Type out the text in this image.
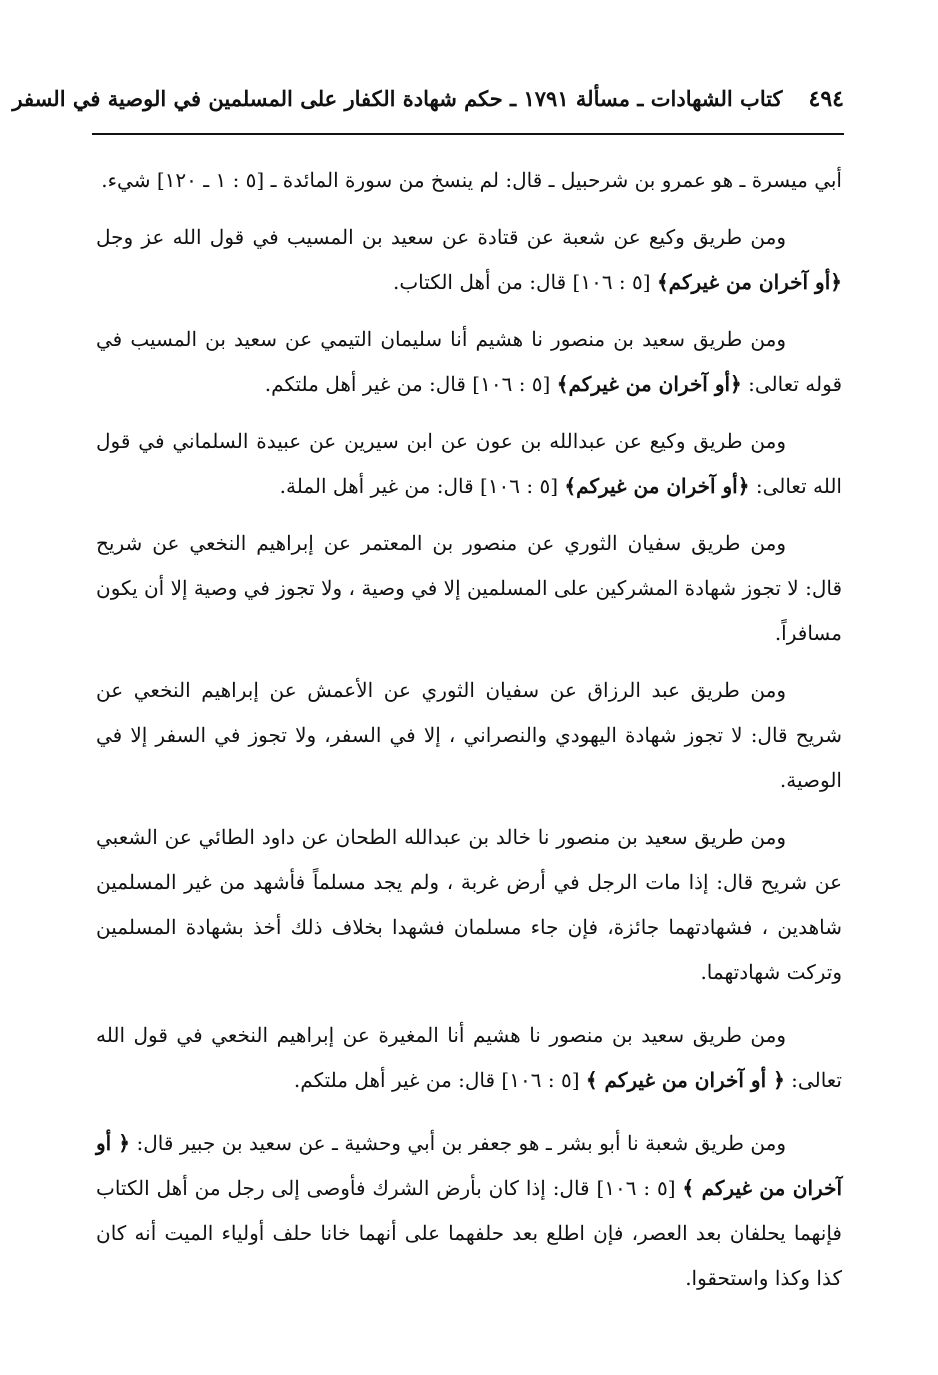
٤٩٤
كتاب الشهادات ـ مسألة ١٧٩١ ـ حكم شهادة الكفار على المسلمين في الوصية في السفر

أبي ميسرة ـ هو عمرو بن شرحبيل ـ قال: لم ينسخ من سورة المائدة ـ [٥ : ١ ـ ١٢٠] شيء.

ومن طريق وكيع عن شعبة عن قتادة عن سعيد بن المسيب في قول الله عز وجل ﴿أو آخران من غيركم﴾ [٥ : ١٠٦] قال: من أهل الكتاب.

ومن طريق سعيد بن منصور نا هشيم أنا سليمان التيمي عن سعيد بن المسيب في قوله تعالى: ﴿أو آخران من غيركم﴾ [٥ : ١٠٦] قال: من غير أهل ملتكم.

ومن طريق وكيع عن عبدالله بن عون عن ابن سيرين عن عبيدة السلماني في قول الله تعالى: ﴿أو آخران من غيركم﴾ [٥ : ١٠٦] قال: من غير أهل الملة.

ومن طريق سفيان الثوري عن منصور بن المعتمر عن إبراهيم النخعي عن شريح قال: لا تجوز شهادة المشركين على المسلمين إلا في وصية ، ولا تجوز في وصية إلا أن يكون مسافراً.

ومن طريق عبد الرزاق عن سفيان الثوري عن الأعمش عن إبراهيم النخعي عن شريح قال: لا تجوز شهادة اليهودي والنصراني ، إلا في السفر، ولا تجوز في السفر إلا في الوصية.

ومن طريق سعيد بن منصور نا خالد بن عبدالله الطحان عن داود الطائي عن الشعبي عن شريح قال: إذا مات الرجل في أرض غربة ، ولم يجد مسلماً فأشهد من غير المسلمين شاهدين ، فشهادتهما جائزة، فإن جاء مسلمان فشهدا بخلاف ذلك أخذ بشهادة المسلمين وتركت شهادتهما.

ومن طريق سعيد بن منصور نا هشيم أنا المغيرة عن إبراهيم النخعي في قول الله تعالى: ﴿ أو آخران من غيركم ﴾ [٥ : ١٠٦] قال: من غير أهل ملتكم.

ومن طريق شعبة نا أبو بشر ـ هو جعفر بن أبي وحشية ـ عن سعيد بن جبير قال: ﴿ أو آخران من غيركم ﴾ [٥ : ١٠٦] قال: إذا كان بأرض الشرك فأوصى إلى رجل من أهل الكتاب فإنهما يحلفان بعد العصر، فإن اطلع بعد حلفهما على أنهما خانا حلف أولياء الميت أنه كان كذا وكذا واستحقوا.
